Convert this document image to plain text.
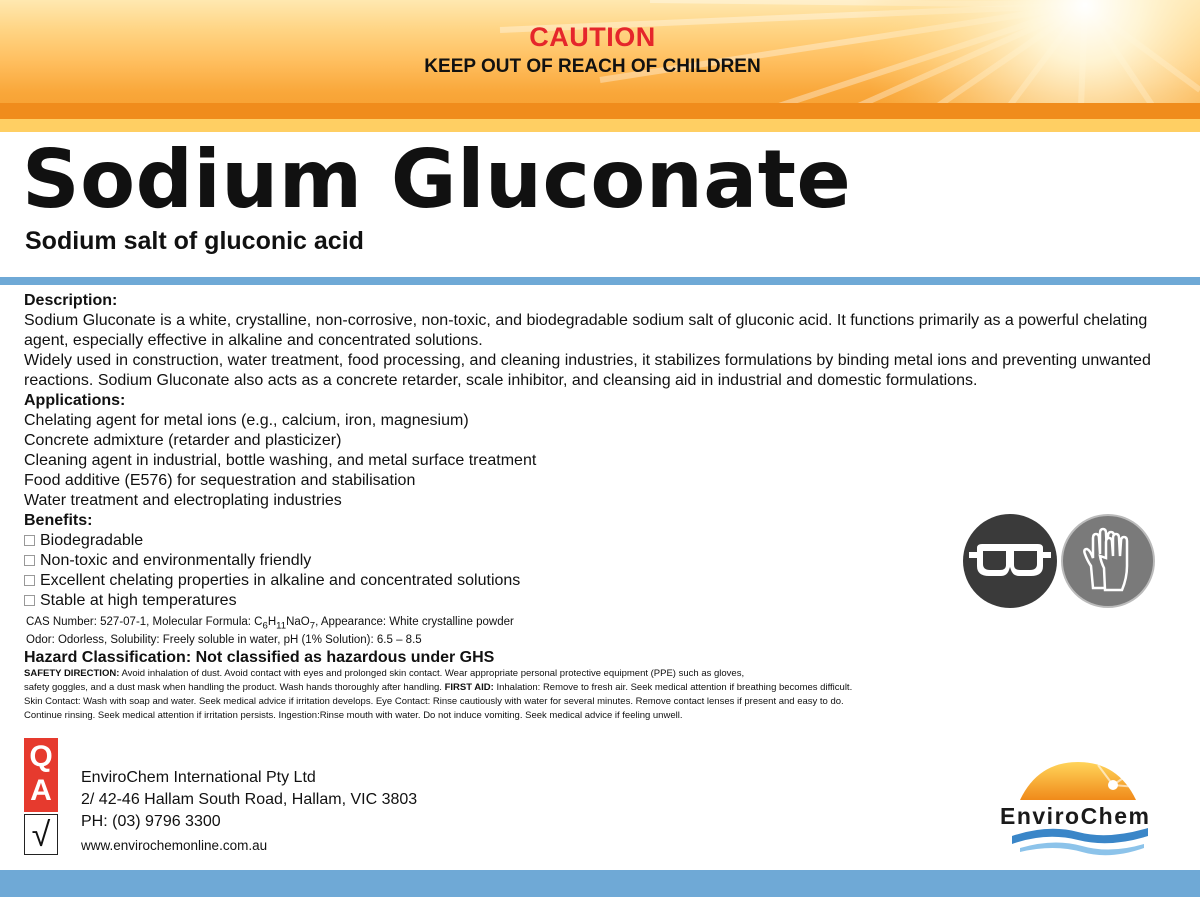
CAUTION
KEEP OUT OF REACH OF CHILDREN
Sodium Gluconate
Sodium salt of gluconic acid

Description:

Sodium Gluconate is a white, crystalline, non-corrosive, non-toxic, and biodegradable sodium salt of gluconic acid. It functions primarily as a powerful chelating agent, especially effective in alkaline and concentrated solutions.

Widely used in construction, water treatment, food processing, and cleaning industries, it stabilizes formulations by binding metal ions and preventing unwanted reactions. Sodium Gluconate also acts as a concrete retarder, scale inhibitor, and cleansing aid in industrial and domestic formulations.

Applications:

Chelating agent for metal ions (e.g., calcium, iron, magnesium)

Concrete admixture (retarder and plasticizer)

Cleaning agent in industrial, bottle washing, and metal surface treatment

Food additive (E576) for sequestration and stabilisation

Water treatment and electroplating industries

Benefits:

Biodegradable

Non-toxic and environmentally friendly

Excellent chelating properties in alkaline and concentrated solutions

Stable at high temperatures

CAS Number: 527-07-1, Molecular Formula: $C_6H_{11}NaO_7$, Appearance: White crystalline powder

Odor: Odorless, Solubility: Freely soluble in water, pH (1% Solution): 6.5 – 8.5

Hazard Classification: Not classified as hazardous under GHS

SAFETY DIRECTION: Avoid inhalation of dust. Avoid contact with eyes and prolonged skin contact. Wear appropriate personal protective equipment (PPE) such as gloves,

safety goggles, and a dust mask when handling the product. Wash hands thoroughly after handling. FIRST AID: Inhalation: Remove to fresh air. Seek medical attention if breathing becomes difficult.

Skin Contact: Wash with soap and water. Seek medical advice if irritation develops. Eye Contact: Rinse cautiously with water for several minutes. Remove contact lenses if present and easy to do.

Continue rinsing. Seek medical attention if irritation persists. Ingestion:Rinse mouth with water. Do not induce vomiting. Seek medical advice if feeling unwell.

Q
A
√
EnviroChem International Pty Ltd
2/ 42-46 Hallam South Road, Hallam, VIC 3803
PH: (03) 9796 3300
www.envirochemonline.com.au
EnviroChem
